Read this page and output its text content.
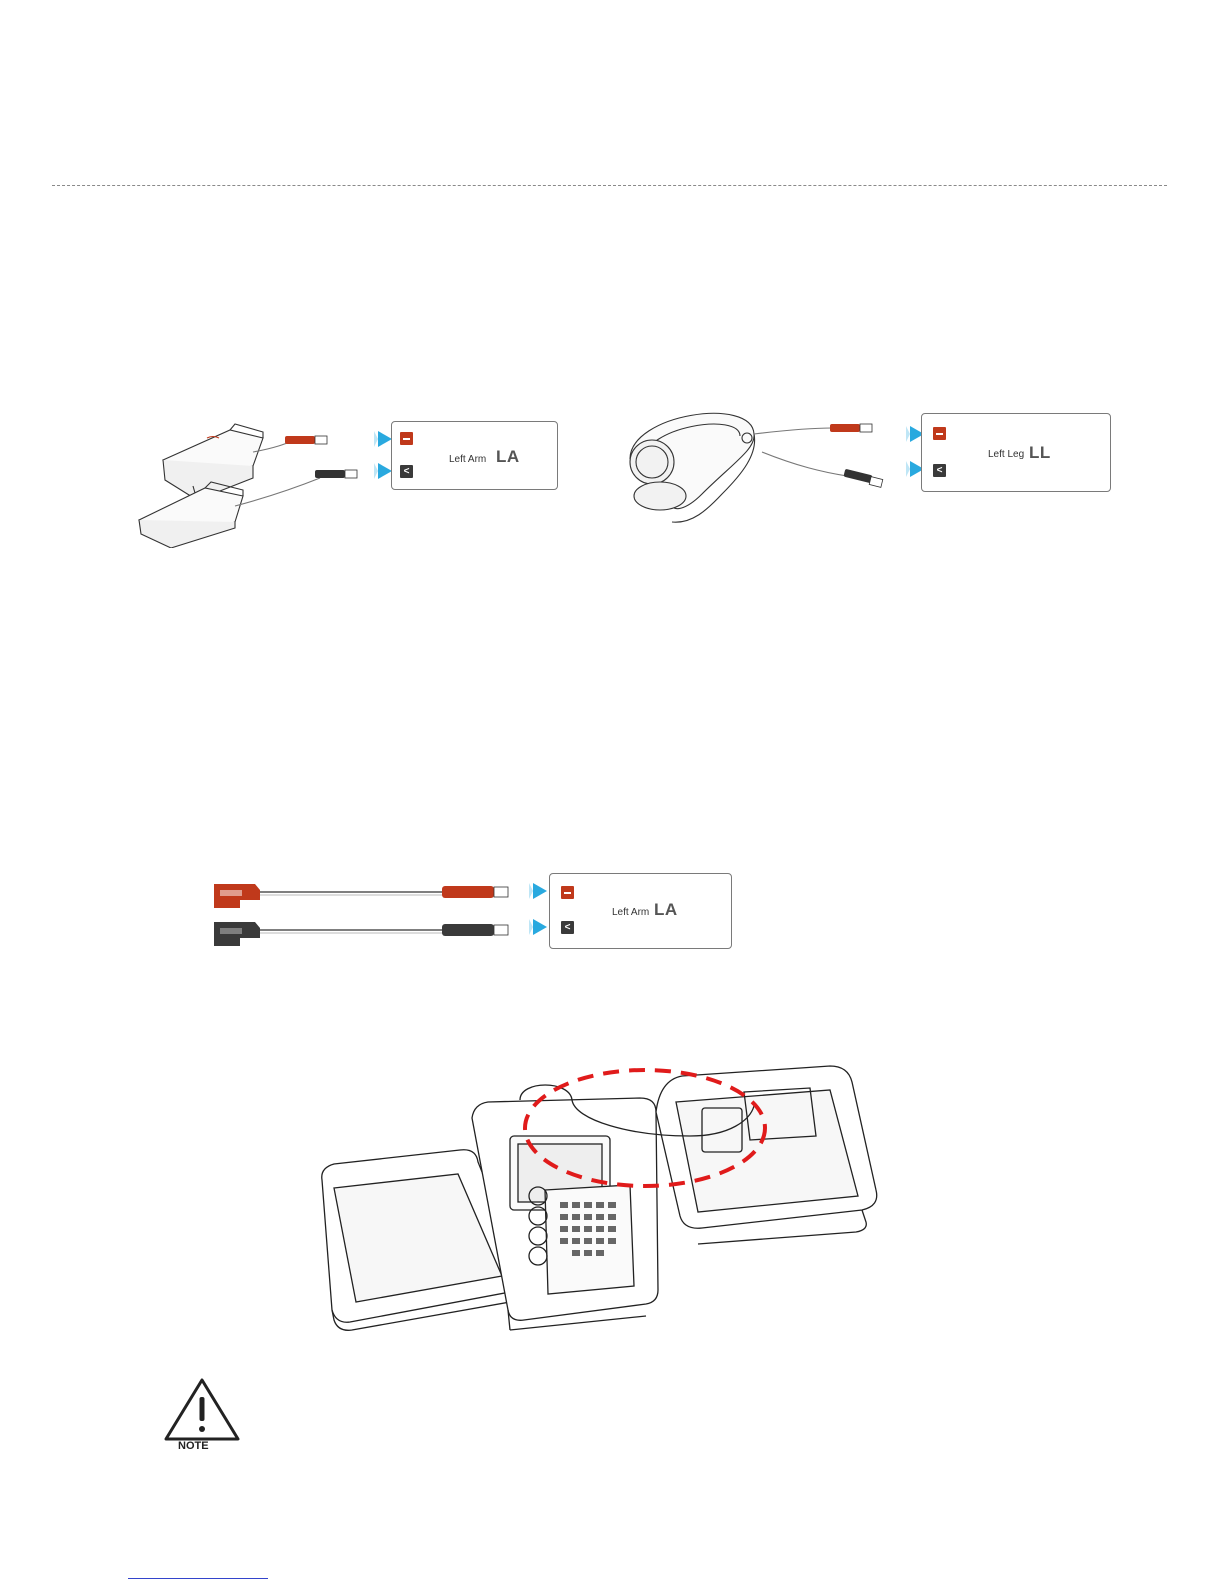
<
Left Arm LA
<
Left Leg LL
<
Left Arm LA
NOTE
